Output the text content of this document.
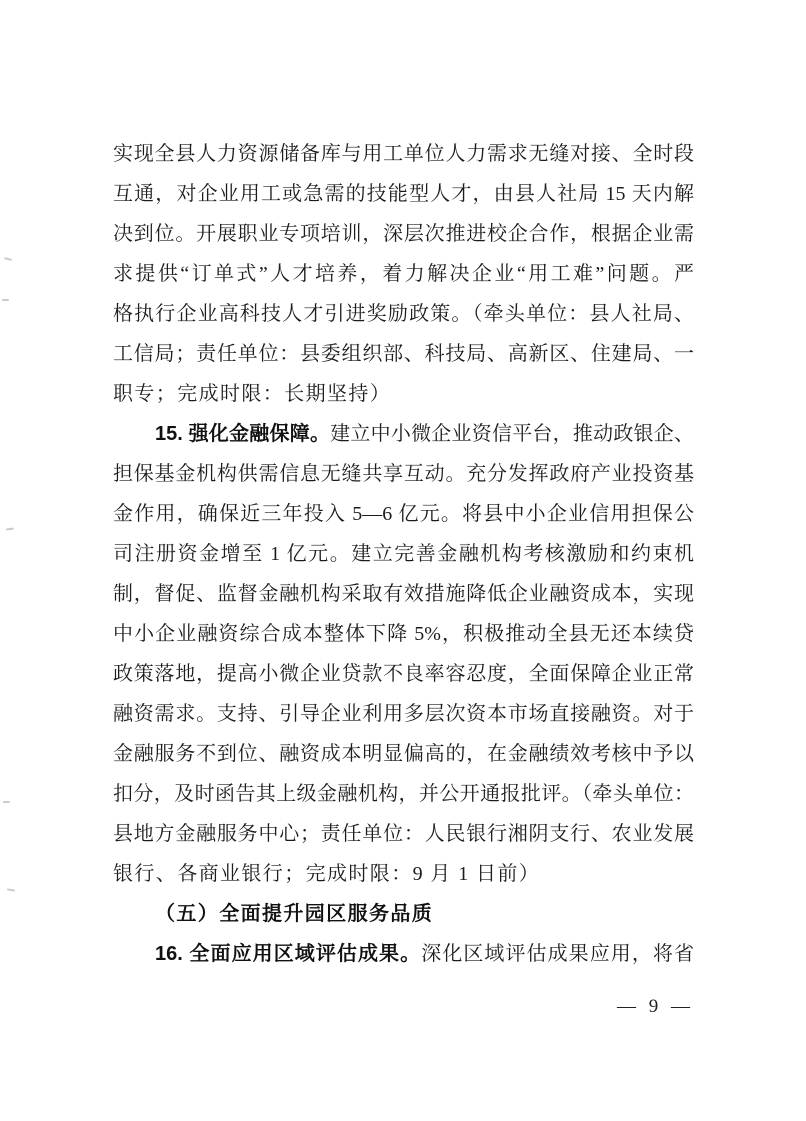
实现全县人力资源储备库与用工单位人力需求无缝对接、全时段
互通，对企业用工或急需的技能型人才，由县人社局 15 天内解
决到位。开展职业专项培训，深层次推进校企合作，根据企业需
求提供“订单式”人才培养，着力解决企业“用工难”问题。严
格执行企业高科技人才引进奖励政策。（牵头单位：县人社局、
工信局；责任单位：县委组织部、科技局、高新区、住建局、一
职专；完成时限：长期坚持）
15. 强化金融保障。建立中小微企业资信平台，推动政银企、
担保基金机构供需信息无缝共享互动。充分发挥政府产业投资基
金作用，确保近三年投入 5—6 亿元。将县中小企业信用担保公
司注册资金增至 1 亿元。建立完善金融机构考核激励和约束机
制，督促、监督金融机构采取有效措施降低企业融资成本，实现
中小企业融资综合成本整体下降 5%，积极推动全县无还本续贷
政策落地，提高小微企业贷款不良率容忍度，全面保障企业正常
融资需求。支持、引导企业利用多层次资本市场直接融资。对于
金融服务不到位、融资成本明显偏高的，在金融绩效考核中予以
扣分，及时函告其上级金融机构，并公开通报批评。（牵头单位：
县地方金融服务中心；责任单位：人民银行湘阴支行、农业发展
银行、各商业银行；完成时限：9 月 1 日前）
（五）全面提升园区服务品质
16. 全面应用区域评估成果。深化区域评估成果应用，将省
— 9 —
